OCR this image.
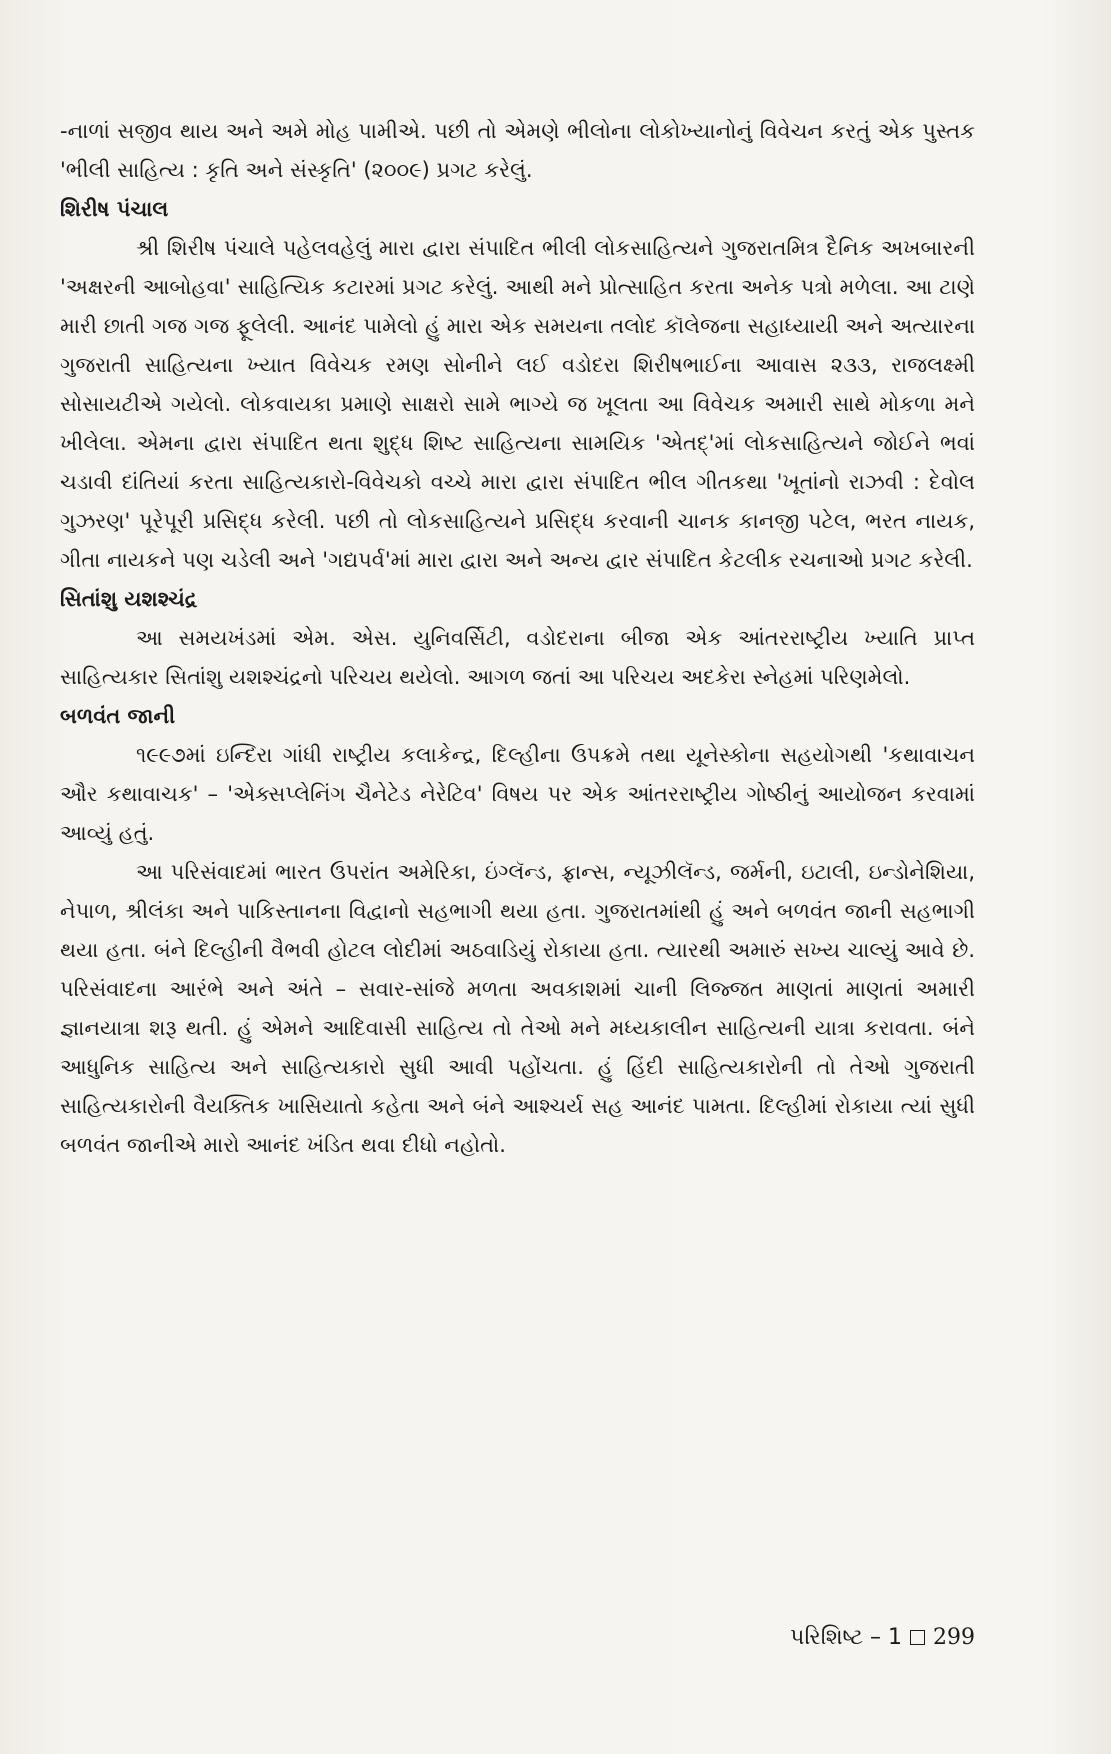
-નાળાં સજીવ થાય અને અમે મોહ પામીએ. પછી તો એમણે ભીલોના લોકોખ્યાનોનું વિવેચન કરતું એક પુસ્તક 'ભીલી સાહિત્ય : કૃતિ અને સંસ્કૃતિ' (૨૦૦૯) પ્રગટ કરેલું.

શિરીષ પંચાલ

શ્રી શિરીષ પંચાલે પહેલવહેલું મારા દ્વારા સંપાદિત ભીલી લોકસાહિત્યને ગુજરાતમિત્ર દૈનિક અખબારની 'અક્ષરની આબોહવા' સાહિત્યિક કટારમાં પ્રગટ કરેલું. આથી મને પ્રોત્સાહિત કરતા અનેક પત્રો મળેલા. આ ટાણે મારી છાતી ગજ ગજ ફૂલેલી. આનંદ પામેલો હું મારા એક સમયના તલોદ કૉલેજના સહાધ્યાયી અને અત્યારના ગુજરાતી સાહિત્યના ખ્યાત વિવેચક રમણ સોનીને લઈ વડોદરા શિરીષભાઈના આવાસ ૨૩૩, રાજલક્ષ્મી સોસાયટીએ ગયેલો. લોકવાયકા પ્રમાણે સાક્ષરો સામે ભાગ્યે જ ખૂલતા આ વિવેચક અમારી સાથે મોકળા મને ખીલેલા. એમના દ્વારા સંપાદિત થતા શુદ્ધ શિષ્ટ સાહિત્યના સામયિક 'એતદ્'માં લોકસાહિત્યને જોઈને ભવાં ચડાવી દાંતિયાં કરતા સાહિત્યકારો-વિવેચકો વચ્ચે મારા દ્વારા સંપાદિત ભીલ ગીતકથા 'ખૂતાંનો રાઝવી : દેવોલ ગુઝરણ' પૂરેપૂરી પ્રસિદ્ધ કરેલી. પછી તો લોકસાહિત્યને પ્રસિદ્ધ કરવાની ચાનક કાનજી પટેલ, ભરત નાયક, ગીતા નાયકને પણ ચડેલી અને 'ગદ્યપર્વ'માં મારા દ્વારા અને અન્ય દ્વાર સંપાદિત કેટલીક રચનાઓ પ્રગટ કરેલી.

સિતાંશુ યશશ્ચંદ્ર

આ સમયખંડમાં એમ. એસ. યુનિવર્સિટી, વડોદરાના બીજા એક આંતરરાષ્ટ્રીય ખ્યાતિ પ્રાપ્ત સાહિત્યકાર સિતાંશુ યશશ્ચંદ્રનો પરિચય થયેલો. આગળ જતાં આ પરિચય અદકેરા સ્નેહમાં પરિણમેલો.

બળવંત જાની

૧૯૯૭માં ઇન્દિરા ગાંધી રાષ્ટ્રીય કલાકેન્દ્ર, દિલ્હીના ઉપક્રમે તથા યૂનેસ્કોના સહયોગથી 'કથાવાચન ઔર કથાવાચક' – 'એક્સપ્લેનિંગ ચૈનેટેડ નેરેટિવ' વિષય પર એક આંતરરાષ્ટ્રીય ગોષ્ઠીનું આયોજન કરવામાં આવ્યું હતું.

આ પરિસંવાદમાં ભારત ઉપરાંત અમેરિકા, ઇંગ્લૅન્ડ, ફ્રાન્સ, ન્યૂઝીલૅન્ડ, જર્મની, ઇટાલી, ઇન્ડોનેશિયા, નેપાળ, શ્રીલંકા અને પાકિસ્તાનના વિદ્વાનો સહભાગી થયા હતા. ગુજરાતમાંથી હું અને બળવંત જાની સહભાગી થયા હતા. બંને દિલ્હીની વૈભવી હોટલ લોદીમાં અઠવાડિયું રોકાયા હતા. ત્યારથી અમારું સખ્ય ચાલ્યું આવે છે. પરિસંવાદના આરંભે અને અંતે – સવાર-સાંજે મળતા અવકાશમાં ચાની લિજ્જત માણતાં માણતાં અમારી જ્ઞાનયાત્રા શરૂ થતી. હું એમને આદિવાસી સાહિત્ય તો તેઓ મને મધ્યકાલીન સાહિત્યની યાત્રા કરાવતા. બંને આધુનિક સાહિત્ય અને સાહિત્યકારો સુધી આવી પહોંચતા. હું હિંદી સાહિત્યકારોની તો તેઓ ગુજરાતી સાહિત્યકારોની વૈયક્તિક ખાસિયાતો કહેતા અને બંને આશ્ચર્ય સહ આનંદ પામતા. દિલ્હીમાં રોકાયા ત્યાં સુધી બળવંત જાનીએ મારો આનંદ ખંડિત થવા દીધો નહોતો.

પરિશિષ્ટ – 1 299
